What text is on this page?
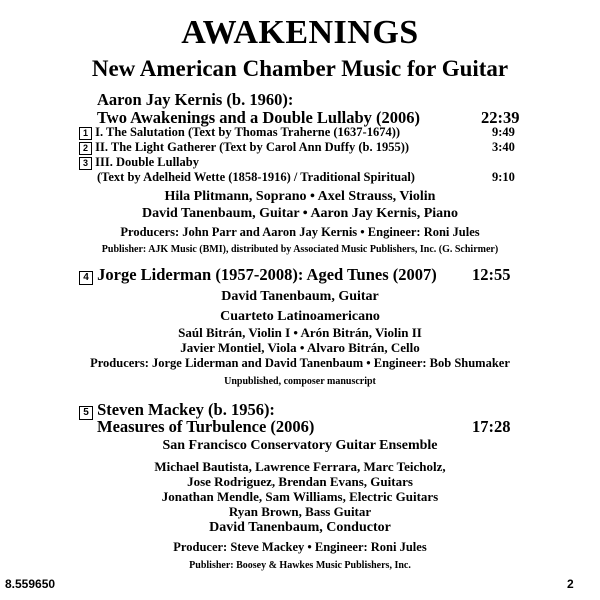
AWAKENINGS
New American Chamber Music for Guitar
Aaron Jay Kernis (b. 1960):
Two Awakenings and a Double Lullaby (2006)	22:39
1 I. The Salutation (Text by Thomas Traherne (1637-1674))	9:49
2 II. The Light Gatherer (Text by Carol Ann Duffy (b. 1955))	3:40
3 III. Double Lullaby
(Text by Adelheid Wette (1858-1916) / Traditional Spiritual)	9:10
Hila Plitmann, Soprano • Axel Strauss, Violin
David Tanenbaum, Guitar • Aaron Jay Kernis, Piano
Producers: John Parr and Aaron Jay Kernis • Engineer: Roni Jules
Publisher: AJK Music (BMI), distributed by Associated Music Publishers, Inc. (G. Schirmer)
4 Jorge Liderman (1957-2008): Aged Tunes (2007) 12:55
David Tanenbaum, Guitar
Cuarteto Latinoamericano
Saúl Bitrán, Violin I • Arón Bitrán, Violin II
Javier Montiel, Viola • Alvaro Bitrán, Cello
Producers: Jorge Liderman and David Tanenbaum • Engineer: Bob Shumaker
Unpublished, composer manuscript
5 Steven Mackey (b. 1956):
Measures of Turbulence (2006)	17:28
San Francisco Conservatory Guitar Ensemble
Michael Bautista, Lawrence Ferrara, Marc Teicholz,
Jose Rodriguez, Brendan Evans, Guitars
Jonathan Mendle, Sam Williams, Electric Guitars
Ryan Brown, Bass Guitar
David Tanenbaum, Conductor
Producer: Steve Mackey • Engineer: Roni Jules
Publisher: Boosey & Hawkes Music Publishers, Inc.
8.559650	2
